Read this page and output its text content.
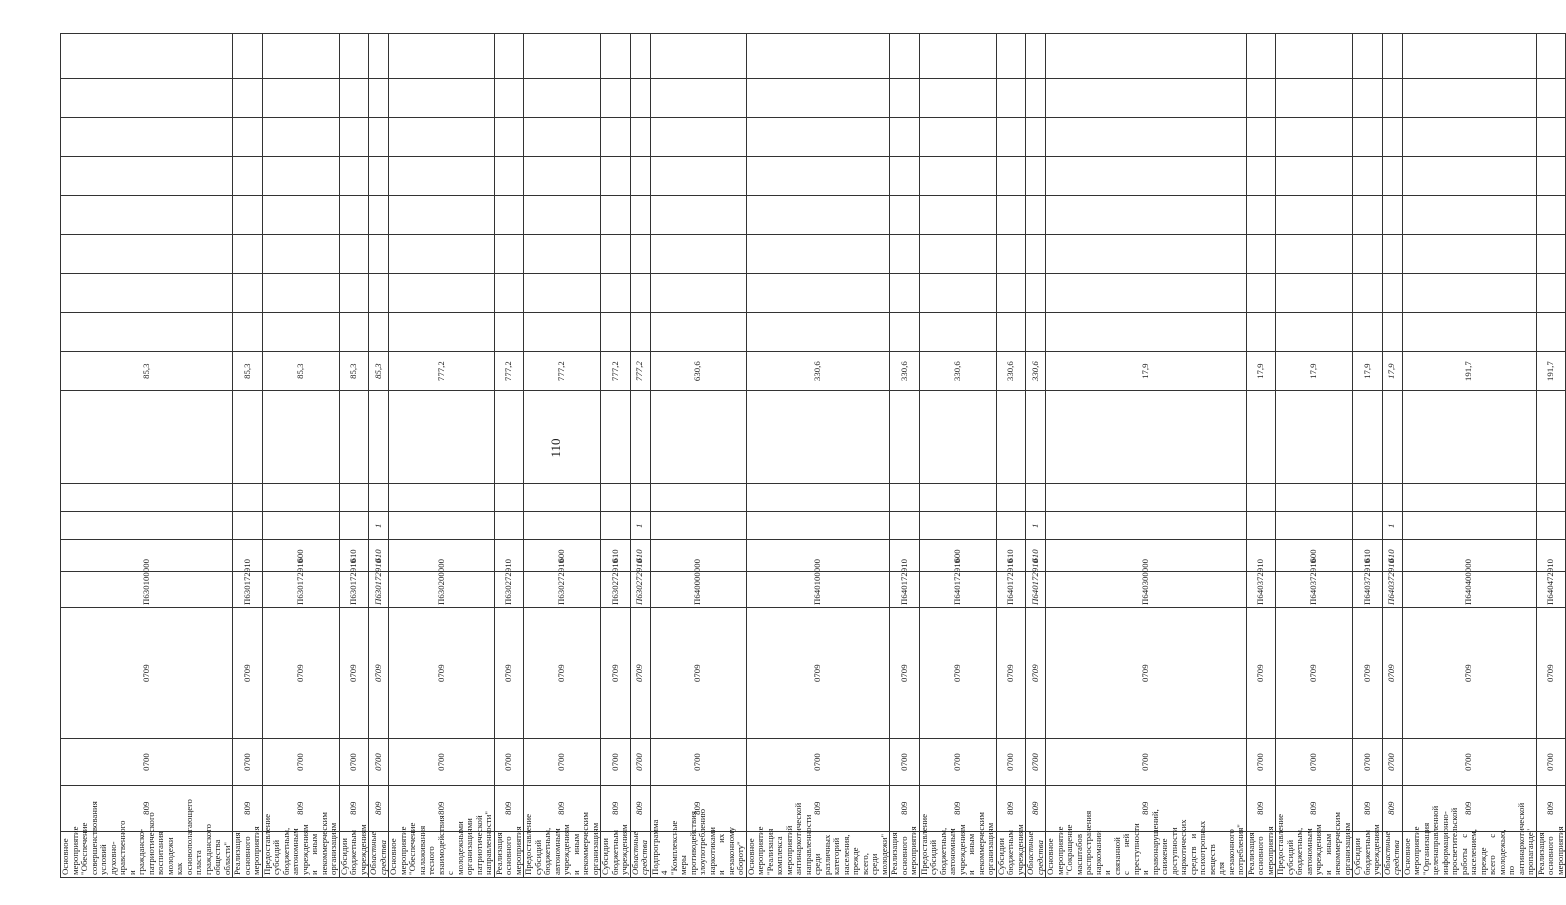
110
Основное мероприятие "Обеспечение совершенствования условий духовно-нравственного и гражданско-патриотического воспитания молодежи как основополагающего пласта гражданского общества области"	809	0700	0709	П630100000					85,3								
Реализация основного мероприятия	809	0700	0709	П630172910					85,3								
Предоставление субсидий бюджетным, автономным учреждениям и иным некоммерческим организациям	809	0700	0709	П630172910	600				85,3								
Субсидии бюджетным учреждениям	809	0700	0709	П630172910	610				85,3								
Областные средства	809	0700	0709	П630172910	610	1			85,3								
Основное мероприятие "Обеспечение налаживания тесного взаимодействия с молодежными организациями патриотической направленности"	809	0700	0709	П630200000					777,2								
Реализация основного мероприятия	809	0700	0709	П630272910					777,2								
Предоставление субсидий бюджетным, автономным учреждениям и иным некоммерческим организациям	809	0700	0709	П630272910	600				777,2								
Субсидии бюджетным учреждениям	809	0700	0709	П630272910	610				777,2								
Областные средства	809	0700	0709	П630272910	610	1			777,2								
Подпрограмма 4 "Комплексные меры противодействия злоупотреблению наркотиками и их незаконному обороту"	809	0700	0709	П640000000					630,6								
Основное мероприятие "Реализация комплекса мероприятий антинаркотической направленности среди различных категорий населения, прежде всего, среди молодежи"	809	0700	0709	П640100000					330,6								
Реализация основного мероприятия	809	0700	0709	П640172910					330,6								
Предоставление субсидий бюджетным, автономным учреждениям и иным некоммерческим организациям	809	0700	0709	П640172910	600				330,6								
Субсидии бюджетным учреждениям	809	0700	0709	П640172910	610				330,6								
Областные средства	809	0700	0709	П640172910	610	1			330,6								
Основное мероприятие "Сокращение масштабов распространения наркомании и связанной с ней преступности и правонарушений, снижение доступности наркотических средств и психотропных веществ для незаконного потребления"	809	0700	0709	П640300000					17,9								
Реализация основного мероприятия	809	0700	0709	П640372910					17,9								
Предоставление субсидий бюджетным, автономным учреждениям и иным некоммерческим организациям	809	0700	0709	П640372910	600				17,9								
Субсидии бюджетным учреждениям	809	0700	0709	П640372910	610				17,9								
Областные средства	809	0700	0709	П640372910	610	1			17,9								
Основное мероприятие "Организация целенаправленной информационно-просветительской работы с населением, прежде всего с молодежью, по антинаркотической пропаганде"	809	0700	0709	П640400000					191,7								
Реализация основного мероприятия	809	0700	0709	П640472910					191,7								
